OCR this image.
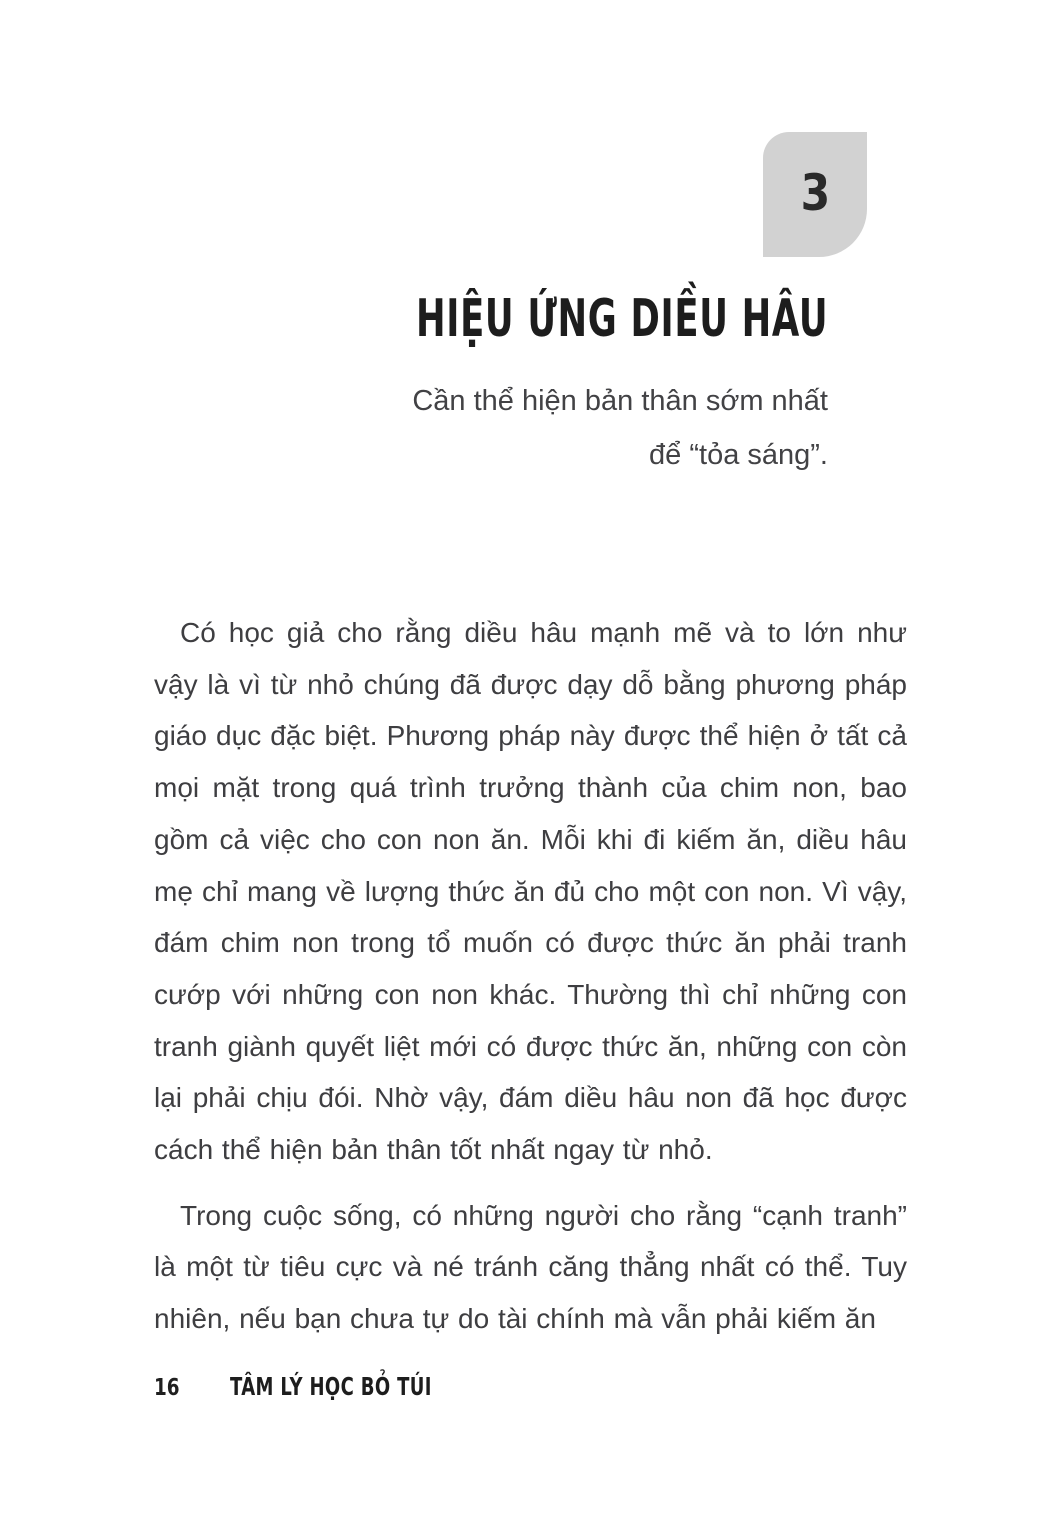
3
HIỆU ỨNG DIỀU HÂU
Cần thể hiện bản thân sớm nhất
để “tỏa sáng”.

Có học giả cho rằng diều hâu mạnh mẽ và to lớn như vậy là vì từ nhỏ chúng đã được dạy dỗ bằng phương pháp giáo dục đặc biệt. Phương pháp này được thể hiện ở tất cả mọi mặt trong quá trình trưởng thành của chim non, bao gồm cả việc cho con non ăn. Mỗi khi đi kiếm ăn, diều hâu mẹ chỉ mang về lượng thức ăn đủ cho một con non. Vì vậy, đám chim non trong tổ muốn có được thức ăn phải tranh cướp với những con non khác. Thường thì chỉ những con tranh giành quyết liệt mới có được thức ăn, những con còn lại phải chịu đói. Nhờ vậy, đám diều hâu non đã học được cách thể hiện bản thân tốt nhất ngay từ nhỏ.

Trong cuộc sống, có những người cho rằng “cạnh tranh” là một từ tiêu cực và né tránh căng thẳng nhất có thể. Tuy nhiên, nếu bạn chưa tự do tài chính mà vẫn phải kiếm ăn

16 TÂM LÝ HỌC BỎ TÚI
